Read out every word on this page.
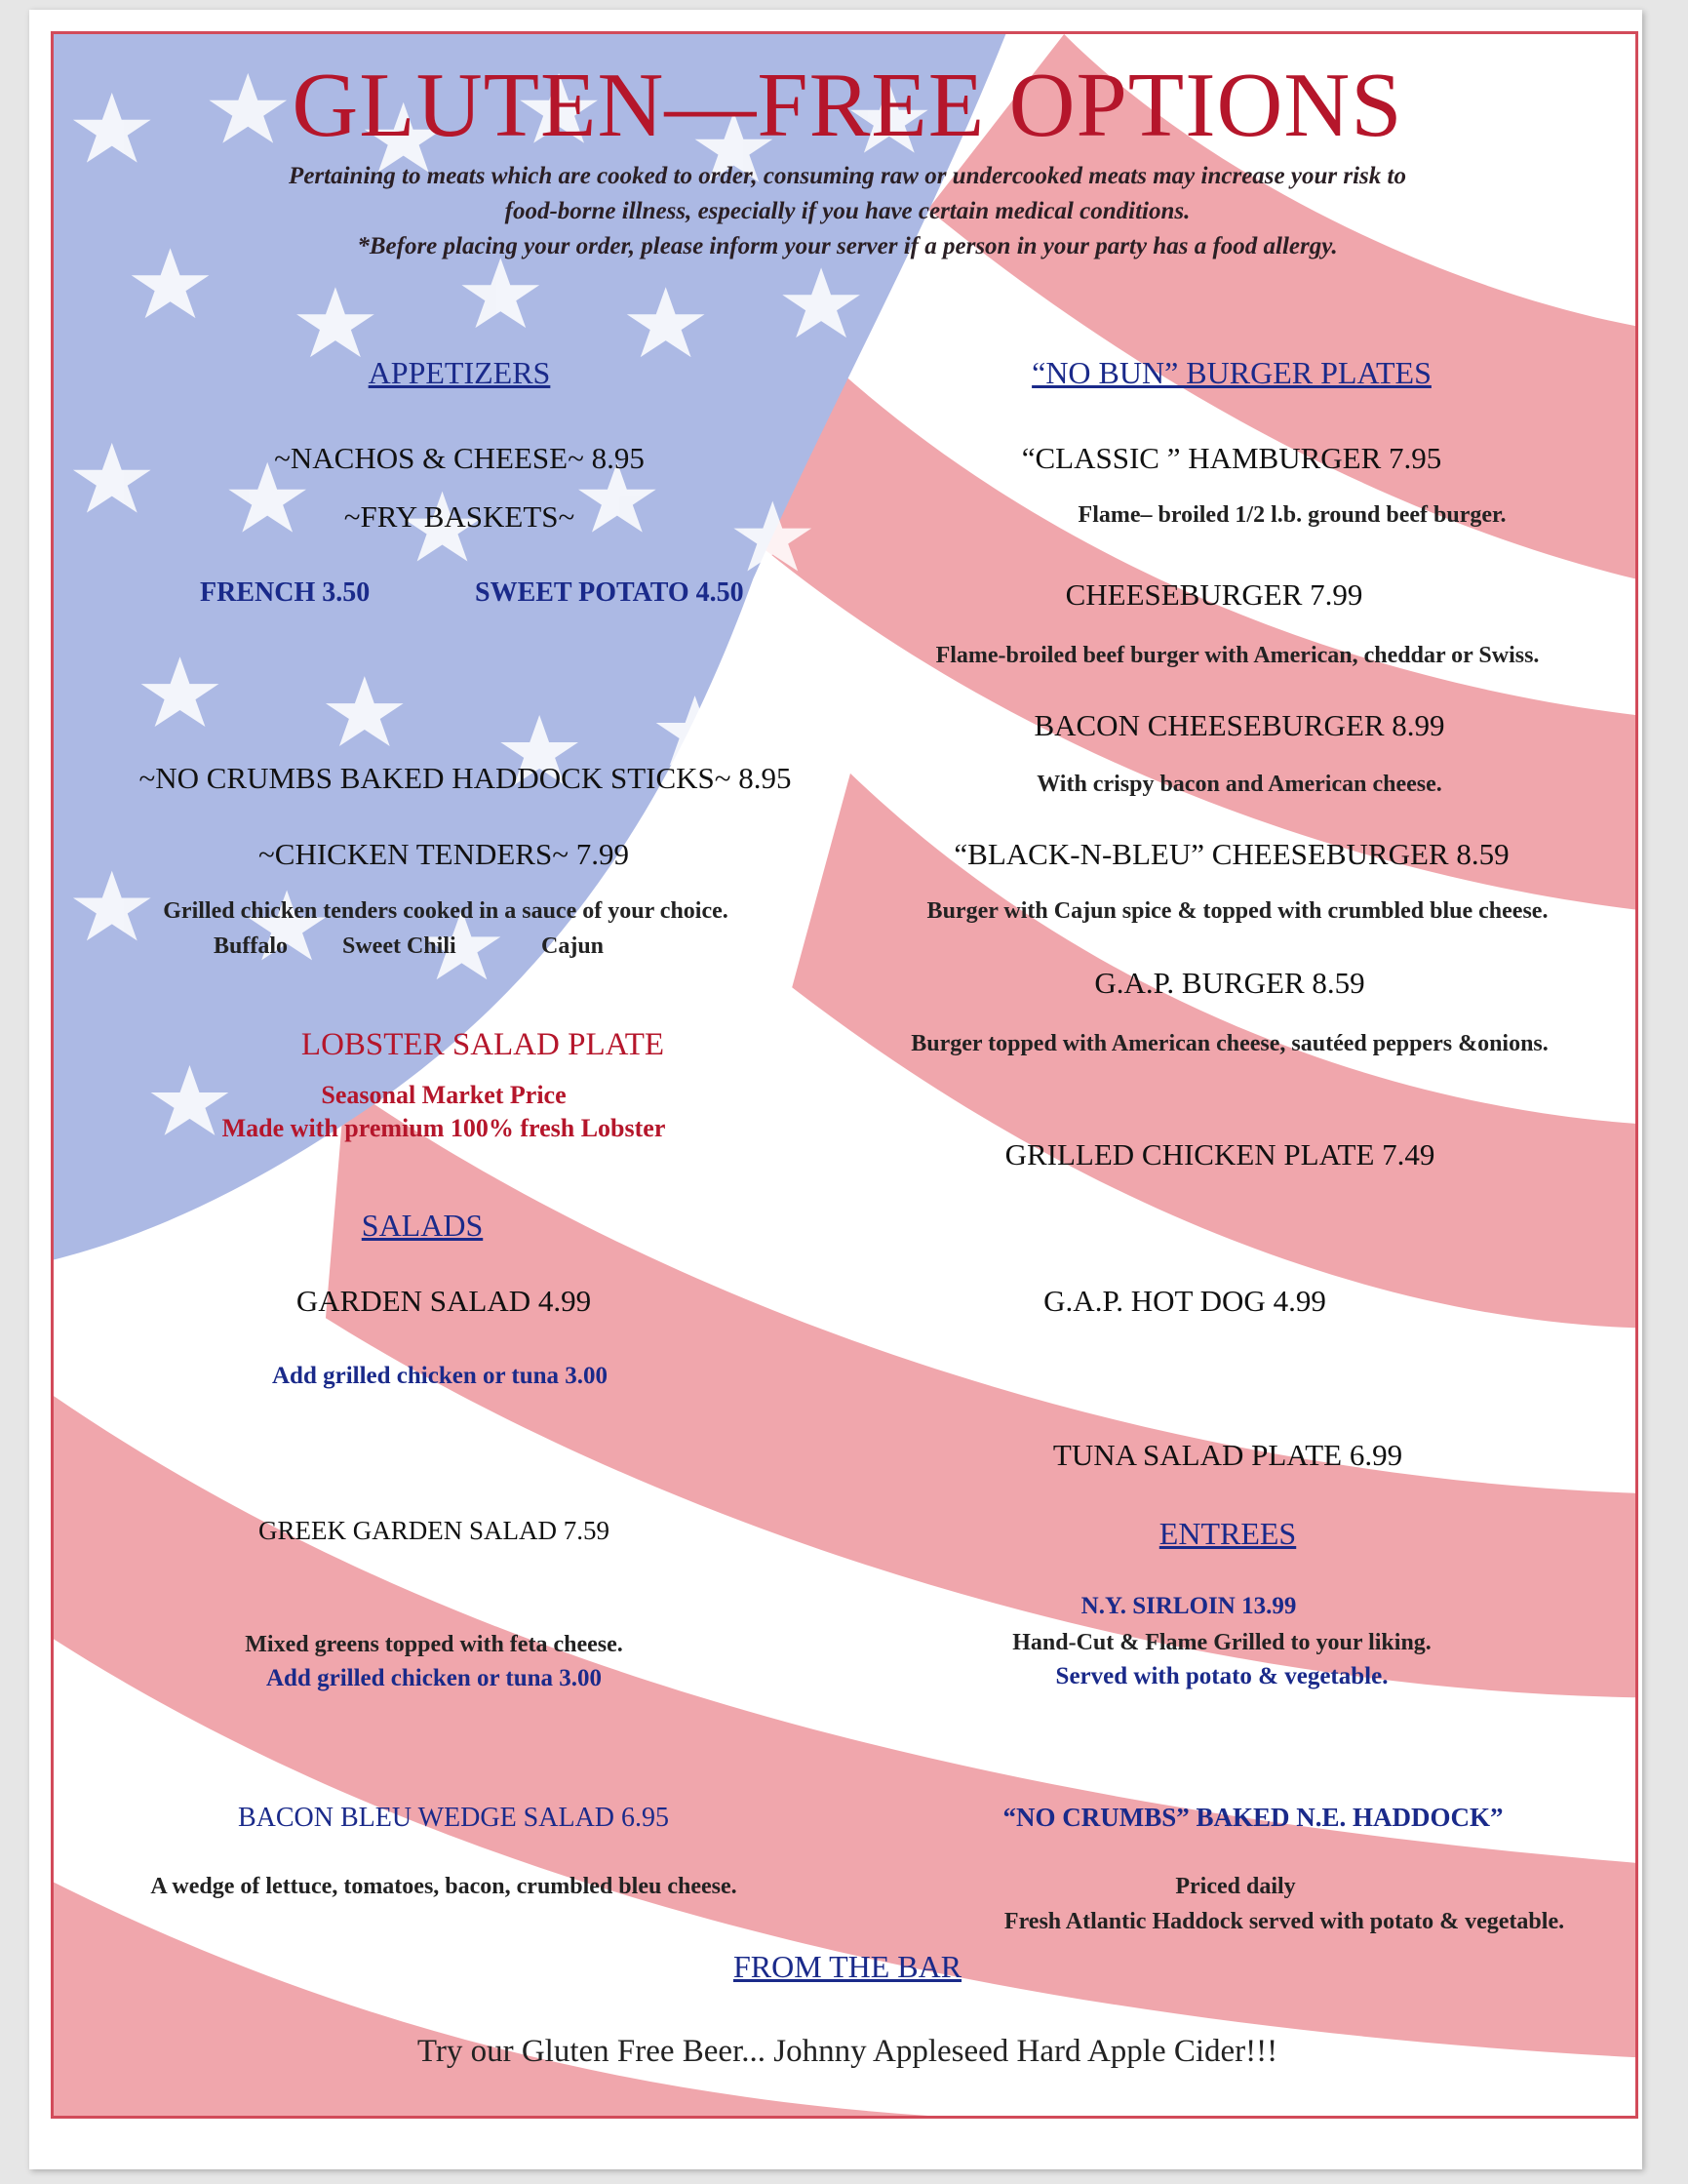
GLUTEN—FREE OPTIONS
Pertaining to meats which are cooked to order, consuming raw or undercooked meats may increase your risk to
food-borne illness, especially if you have certain medical conditions.
*Before placing your order, please inform your server if a person in your party has a food allergy.
APPETIZERS
~NACHOS & CHEESE~ 8.95
~FRY BASKETS~
FRENCH 3.50	SWEET POTATO 4.50
~NO CRUMBS BAKED HADDOCK STICKS~ 8.95
~CHICKEN TENDERS~ 7.99
Grilled chicken tenders cooked in a sauce of your choice.
Buffalo Sweet Chili	Cajun
LOBSTER SALAD PLATE
Seasonal Market Price
Made with premium 100% fresh Lobster
SALADS
GARDEN SALAD 4.99
Add grilled chicken or tuna 3.00
GREEK GARDEN SALAD 7.59
Mixed greens topped with feta cheese.
Add grilled chicken or tuna 3.00
BACON BLEU WEDGE SALAD 6.95
A wedge of lettuce, tomatoes, bacon, crumbled bleu cheese.
“NO BUN” BURGER PLATES
“CLASSIC ” HAMBURGER 7.95
Flame– broiled 1/2 l.b. ground beef burger.
CHEESEBURGER 7.99
Flame-broiled beef burger with American, cheddar or Swiss.
BACON CHEESEBURGER 8.99
With crispy bacon and American cheese.
“BLACK-N-BLEU” CHEESEBURGER 8.59
Burger with Cajun spice & topped with crumbled blue cheese.
G.A.P. BURGER 8.59
Burger topped with American cheese, sautéed peppers &onions.
GRILLED CHICKEN PLATE 7.49
G.A.P. HOT DOG 4.99
TUNA SALAD PLATE 6.99
ENTREES
N.Y. SIRLOIN 13.99
Hand-Cut & Flame Grilled to your liking.
Served with potato & vegetable.
“NO CRUMBS” BAKED N.E. HADDOCK”
Priced daily
Fresh Atlantic Haddock served with potato & vegetable.
FROM THE BAR
Try our Gluten Free Beer... Johnny Appleseed Hard Apple Cider!!!
